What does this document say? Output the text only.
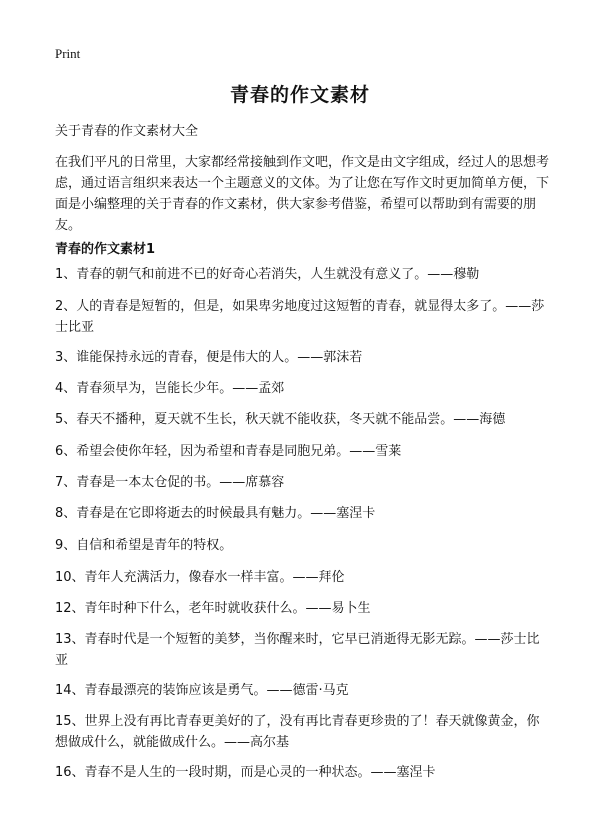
Print
青春的作文素材
关于青春的作文素材大全

在我们平凡的日常里，大家都经常接触到作文吧，作文是由文字组成，经过人的思想考虑，通过语言组织来表达一个主题意义的文体。为了让您在写作文时更加简单方便，下面是小编整理的关于青春的作文素材，供大家参考借鉴，希望可以帮助到有需要的朋友。

青春的作文素材1

1、青春的朝气和前进不已的好奇心若消失，人生就没有意义了。——穆勒

2、人的青春是短暂的，但是，如果卑劣地度过这短暂的青春，就显得太多了。——莎士比亚

3、谁能保持永远的青春，便是伟大的人。——郭沫若

4、青春须早为，岂能长少年。——孟郊

5、春天不播种，夏天就不生长，秋天就不能收获，冬天就不能品尝。——海德

6、希望会使你年轻，因为希望和青春是同胞兄弟。——雪莱

7、青春是一本太仓促的书。——席慕容

8、青春是在它即将逝去的时候最具有魅力。——塞涅卡

9、自信和希望是青年的特权。

10、青年人充满活力，像春水一样丰富。——拜伦

12、青年时种下什么，老年时就收获什么。——易卜生

13、青春时代是一个短暂的美梦，当你醒来时，它早已消逝得无影无踪。——莎士比亚

14、青春最漂亮的装饰应该是勇气。——德雷·马克

15、世界上没有再比青春更美好的了，没有再比青春更珍贵的了！春天就像黄金，你想做成什么，就能做成什么。——高尔基

16、青春不是人生的一段时期，而是心灵的一种状态。——塞涅卡
